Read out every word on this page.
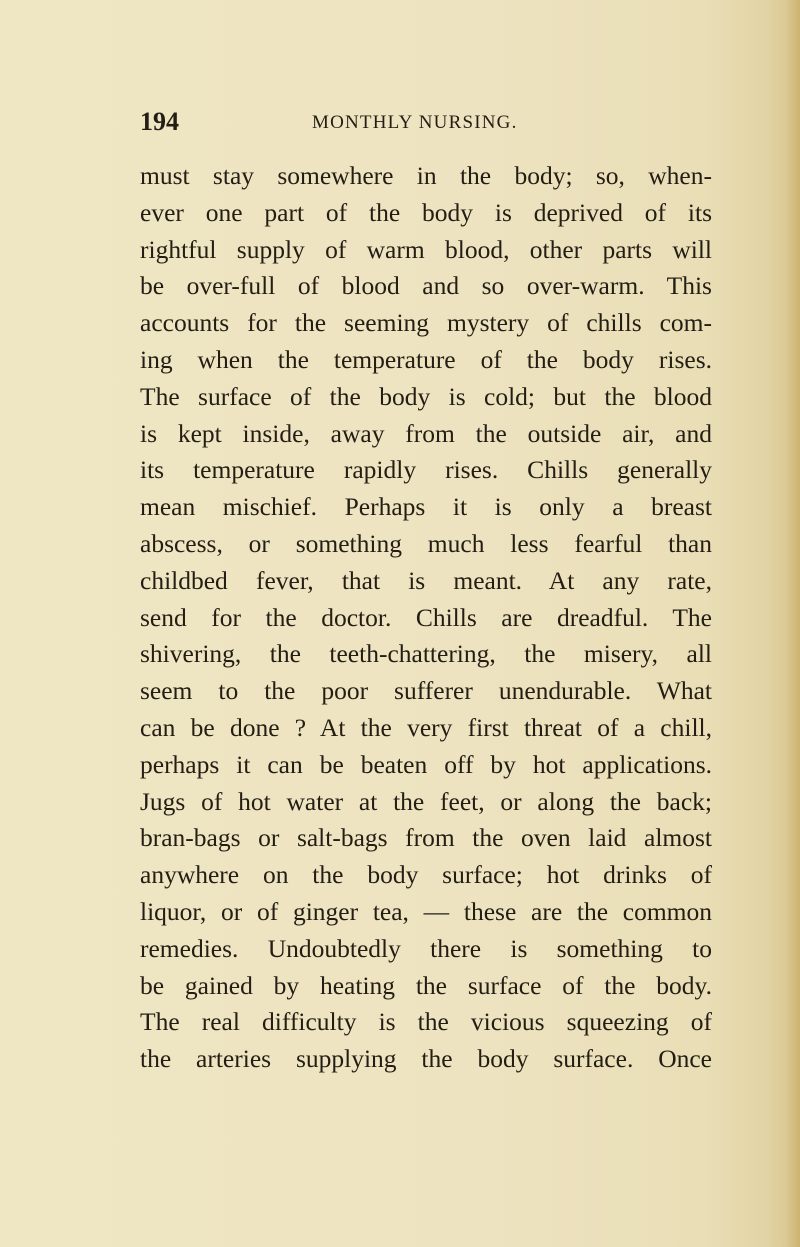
194	MONTHLY NURSING.
must stay somewhere in the body; so, when-
ever one part of the body is deprived of its
rightful supply of warm blood, other parts will
be over-full of blood and so over-warm. This
accounts for the seeming mystery of chills com-
ing when the temperature of the body rises.
The surface of the body is cold; but the blood
is kept inside, away from the outside air, and
its temperature rapidly rises. Chills generally
mean mischief. Perhaps it is only a breast
abscess, or something much less fearful than
childbed fever, that is meant. At any rate,
send for the doctor. Chills are dreadful. The
shivering, the teeth-chattering, the misery, all
seem to the poor sufferer unendurable. What
can be done ? At the very first threat of a chill,
perhaps it can be beaten off by hot applications.
Jugs of hot water at the feet, or along the back;
bran-bags or salt-bags from the oven laid almost
anywhere on the body surface; hot drinks of
liquor, or of ginger tea, — these are the common
remedies. Undoubtedly there is something to
be gained by heating the surface of the body.
The real difficulty is the vicious squeezing of
the arteries supplying the body surface. Once
